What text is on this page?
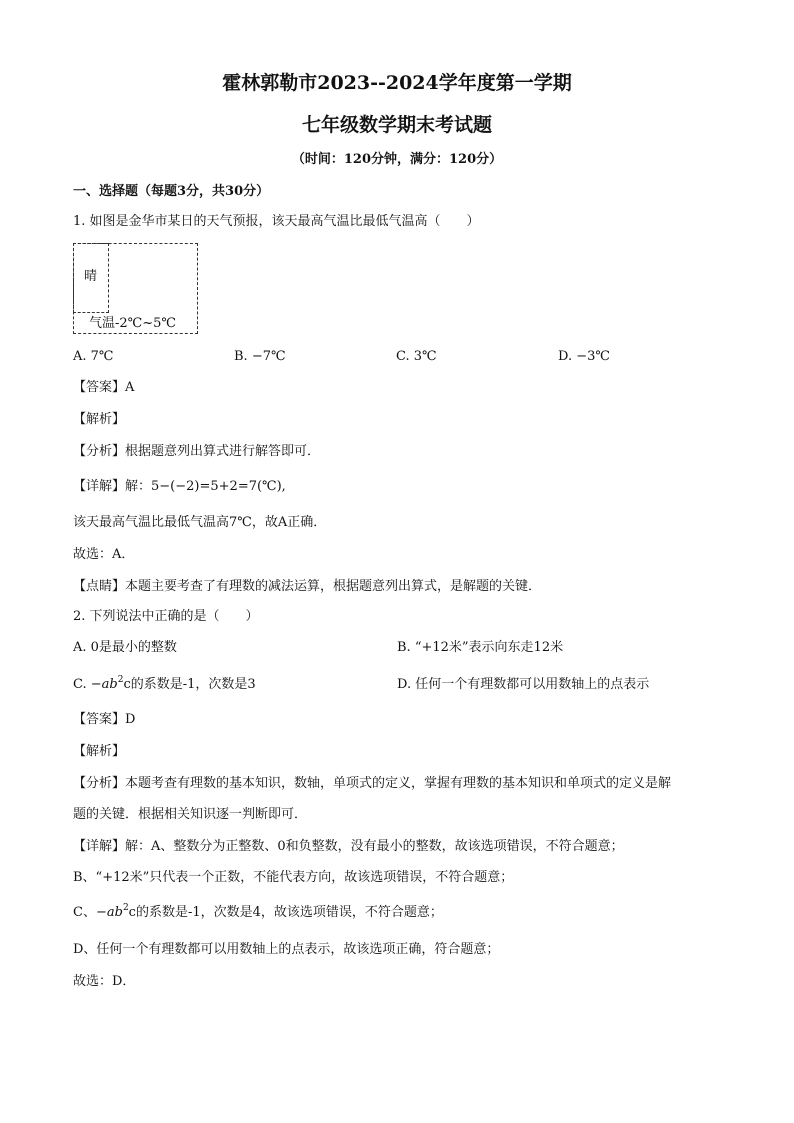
霍林郭勒市2023--2024学年度第一学期
七年级数学期末考试题
（时间：120分钟，满分：120分）
一、选择题（每题3分，共30分）
1. 如图是金华市某日的天气预报，该天最高气温比最低气温高（　　）
晴
气温-2℃~5℃
A. 7℃	B. −7℃	C. 3℃	D. −3℃
【答案】A
【解析】
【分析】根据题意列出算式进行解答即可．
【详解】解：5−(−2)=5+2=7(℃),
该天最高气温比最低气温高7℃，故A正确．
故选：A．
【点睛】本题主要考查了有理数的减法运算，根据题意列出算式，是解题的关键．
2. 下列说法中正确的是（　　）
A. 0是最小的整数	B. “+12米”表示向东走12米
C. $-ab^2c$的系数是-1，次数是3	D. 任何一个有理数都可以用数轴上的点表示
【答案】D
【解析】
【分析】本题考查有理数的基本知识，数轴，单项式的定义，掌握有理数的基本知识和单项式的定义是解
题的关键．根据相关知识逐一判断即可．
【详解】解：A、整数分为正整数、0和负整数，没有最小的整数，故该选项错误，不符合题意；
B、“+12米”只代表一个正数，不能代表方向，故该选项错误，不符合题意；
C、$-ab^2c$的系数是-1，次数是4，故该选项错误，不符合题意；
D、任何一个有理数都可以用数轴上的点表示，故该选项正确，符合题意；
故选：D．
